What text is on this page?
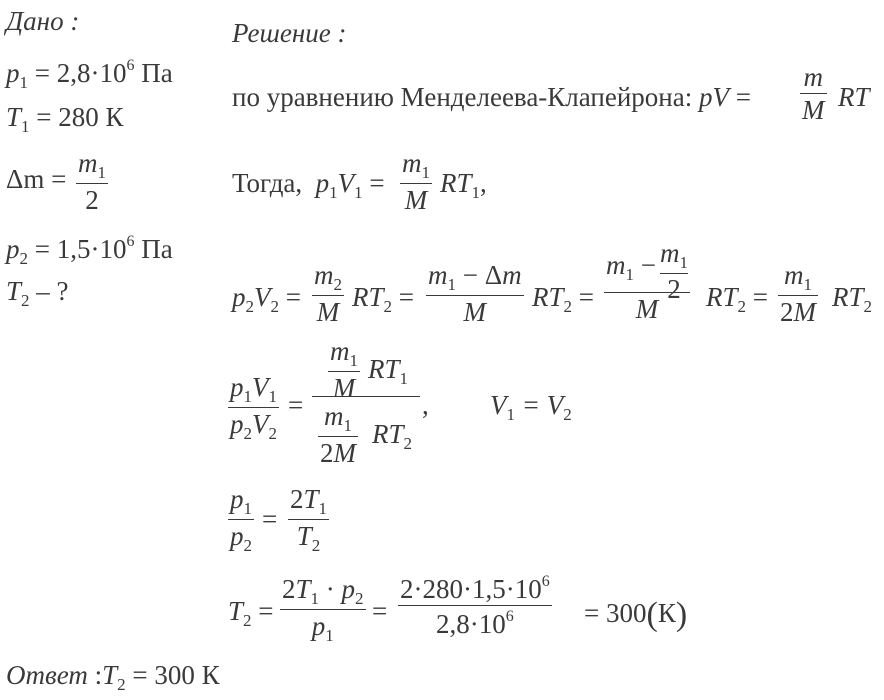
Дано :
$p_1 = 2,8\cdot 10^6$ Па
$T_1 = 280$ К
Δm =
$m_1$
2
$p_2 = 1,5\cdot 10^6$ Па
$T_2$ – ?
Решение :
по уравнению Менделеева-Клапейрона: pV =
m
M RT
Тогда, $p_1V_1$ =
$m_1$
M
$RT_1$,
$p_2V_2$ =
$m_2$
M $RT_2$ =
$m_1 - \Delta m$
M	$RT_2$ =
$m_1 - \frac{m_1}{2}$
M	$RT_2$ =
$m_1$
2M $RT_2$
$p_1V_1$
$p_2V_2$
=
$m_1$
M
$RT_1$
$m_1$
2M
$RT_2$
, $V_1 = V_2$
$p_1$
$p_2$
=
$2T_1$
$T_2$
$T_2$ =
$2T_1 \cdot p_2$
$p_1$
=
$2\cdot 280\cdot 1,5\cdot 10^6$
$2,8\cdot 10^6$	= 300(К)
Ответ $:T_2 = 300$ К
